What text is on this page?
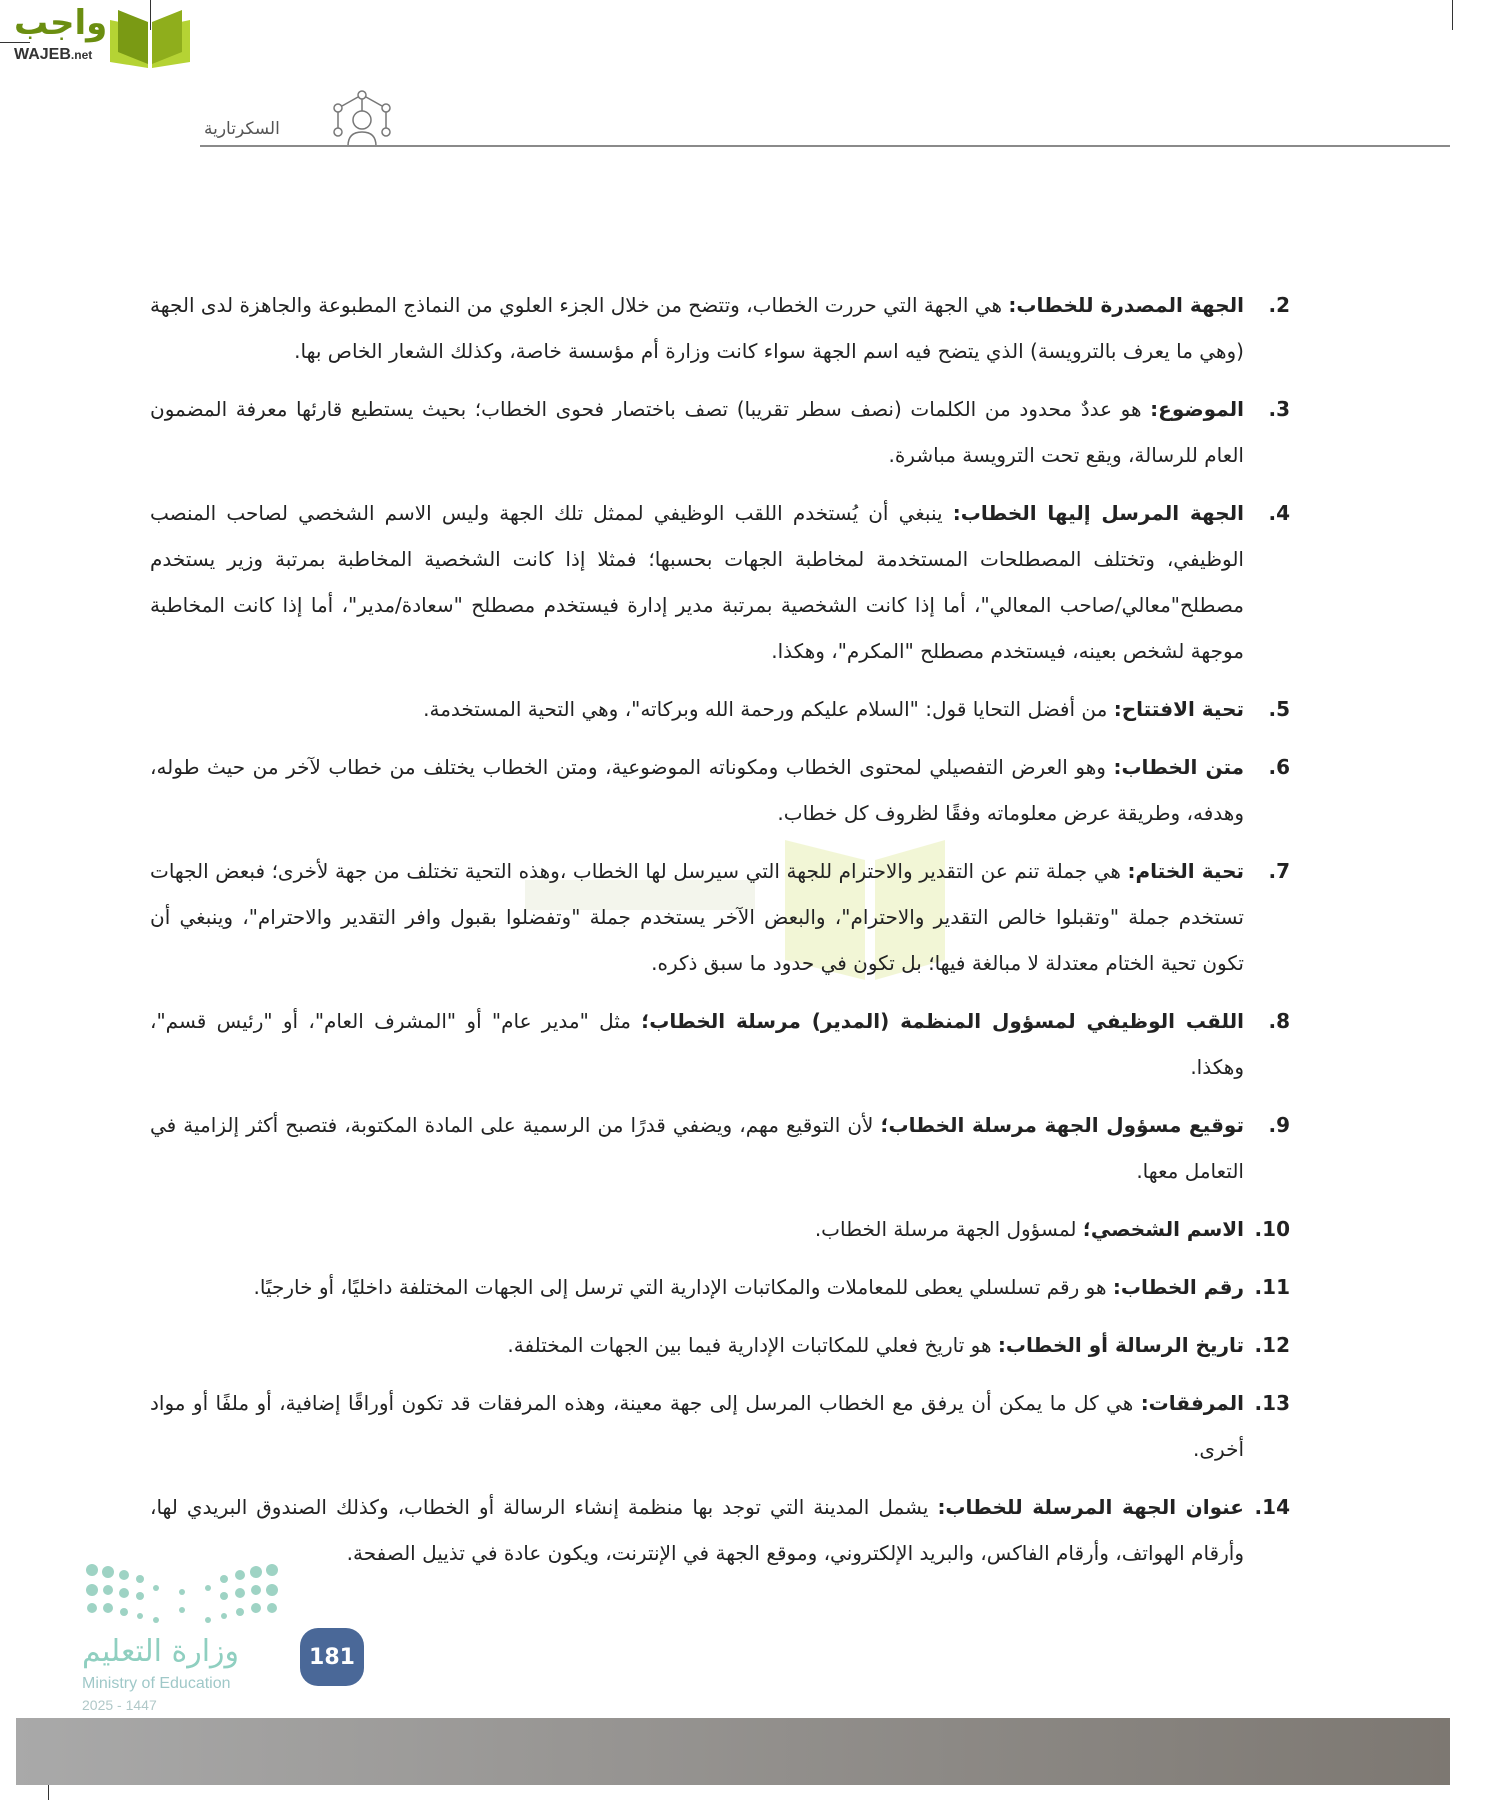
واجب
WAJEB.net
السكرتارية
2.
الجهة المصدرة للخطاب: هي الجهة التي حررت الخطاب، وتتضح من خلال الجزء العلوي من النماذج المطبوعة والجاهزة لدى الجهة (وهي ما يعرف بالترويسة) الذي يتضح فيه اسم الجهة سواء كانت وزارة أم مؤسسة خاصة، وكذلك الشعار الخاص بها.
3.
الموضوع: هو عددٌ محدود من الكلمات (نصف سطر تقريبا) تصف باختصار فحوى الخطاب؛ بحيث يستطيع قارئها معرفة المضمون العام للرسالة، ويقع تحت الترويسة مباشرة.
4.
الجهة المرسل إليها الخطاب: ينبغي أن يُستخدم اللقب الوظيفي لممثل تلك الجهة وليس الاسم الشخصي لصاحب المنصب الوظيفي، وتختلف المصطلحات المستخدمة لمخاطبة الجهات بحسبها؛ فمثلا إذا كانت الشخصية المخاطبة بمرتبة وزير يستخدم مصطلح"معالي/صاحب المعالي"، أما إذا كانت الشخصية بمرتبة مدير إدارة فيستخدم مصطلح "سعادة/مدير"، أما إذا كانت المخاطبة موجهة لشخص بعينه، فيستخدم مصطلح "المكرم"، وهكذا.
5.
تحية الافتتاح: من أفضل التحايا قول: "السلام عليكم ورحمة الله وبركاته"، وهي التحية المستخدمة.
6.
متن الخطاب: وهو العرض التفصيلي لمحتوى الخطاب ومكوناته الموضوعية، ومتن الخطاب يختلف من خطاب لآخر من حيث طوله، وهدفه، وطريقة عرض معلوماته وفقًا لظروف كل خطاب.
7.
تحية الختام: هي جملة تنم عن التقدير والاحترام للجهة التي سيرسل لها الخطاب ،وهذه التحية تختلف من جهة لأخرى؛ فبعض الجهات تستخدم جملة "وتقبلوا خالص التقدير والاحترام"، والبعض الآخر يستخدم جملة "وتفضلوا بقبول وافر التقدير والاحترام"، وينبغي أن تكون تحية الختام معتدلة لا مبالغة فيها؛ بل تكون في حدود ما سبق ذكره.
8.
اللقب الوظيفي لمسؤول المنظمة (المدير) مرسلة الخطاب؛ مثل "مدير عام" أو "المشرف العام"، أو "رئيس قسم"، وهكذا.
9.
توقيع مسؤول الجهة مرسلة الخطاب؛ لأن التوقيع مهم، ويضفي قدرًا من الرسمية على المادة المكتوبة، فتصبح أكثر إلزامية في التعامل معها.
10.
الاسم الشخصي؛ لمسؤول الجهة مرسلة الخطاب.
11.
رقم الخطاب: هو رقم تسلسلي يعطى للمعاملات والمكاتبات الإدارية التي ترسل إلى الجهات المختلفة داخليًا، أو خارجيًا.
12.
تاريخ الرسالة أو الخطاب: هو تاريخ فعلي للمكاتبات الإدارية فيما بين الجهات المختلفة.
13.
المرفقات: هي كل ما يمكن أن يرفق مع الخطاب المرسل إلى جهة معينة، وهذه المرفقات قد تكون أوراقًا إضافية، أو ملفًا أو مواد أخرى.
14.
عنوان الجهة المرسلة للخطاب: يشمل المدينة التي توجد بها منظمة إنشاء الرسالة أو الخطاب، وكذلك الصندوق البريدي لها، وأرقام الهواتف، وأرقام الفاكس، والبريد الإلكتروني، وموقع الجهة في الإنترنت، ويكون عادة في تذييل الصفحة.
181
وزارة التعليم
Ministry of Education
2025 - 1447
